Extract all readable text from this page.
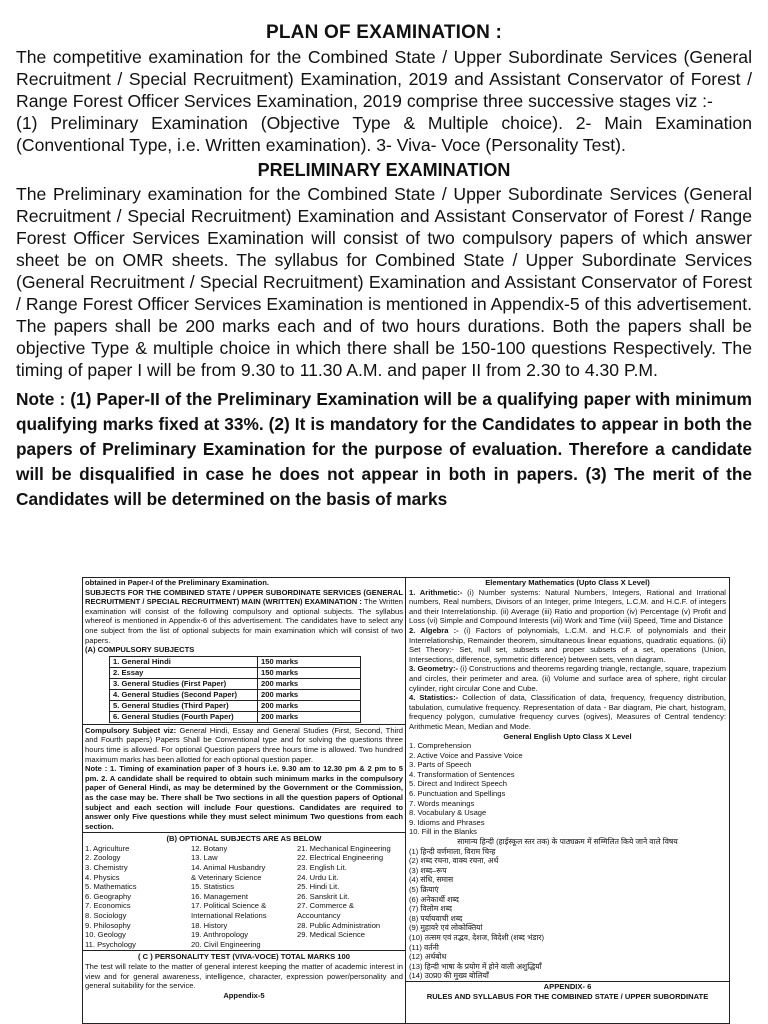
PLAN OF EXAMINATION :

The competitive examination for the Combined State / Upper Subordinate Services (General Recruitment / Special Recruitment) Examination, 2019 and Assistant Conservator of Forest / Range Forest Officer Services Examination, 2019 comprise three successive stages viz :-

(1) Preliminary Examination (Objective Type & Multiple choice). 2- Main Examination (Conventional Type, i.e. Written examination). 3- Viva- Voce (Personality Test).

PRELIMINARY EXAMINATION

The Preliminary examination for the Combined State / Upper Subordinate Services (General Recruitment / Special Recruitment) Examination and Assistant Conservator of Forest / Range Forest Officer Services Examination will consist of two compulsory papers of which answer sheet be on OMR sheets. The syllabus for Combined State / Upper Subordinate Services (General Recruitment / Special Recruitment) Examination and Assistant Conservator of Forest / Range Forest Officer Services Examination is mentioned in Appendix-5 of this advertisement. The papers shall be 200 marks each and of two hours durations. Both the papers shall be objective Type & multiple choice in which there shall be 150-100 questions Respectively. The timing of paper I will be from 9.30 to 11.30 A.M. and paper II from 2.30 to 4.30 P.M.

Note : (1) Paper-II of the Preliminary Examination will be a qualifying paper with minimum qualifying marks fixed at 33%. (2) It is mandatory for the Candidates to appear in both the papers of Preliminary Examination for the purpose of evaluation. Therefore a candidate will be disqualified in case he does not appear in both in papers. (3) The merit of the Candidates will be determined on the basis of marks

obtained in Paper-I of the Preliminary Examination.

SUBJECTS FOR THE COMBINED STATE / UPPER SUBORDINATE SERVICES (GENERAL RECRUITMENT / SPECIAL RECRUITMENT) MAIN (WRITTEN) EXAMINATION : The Written examination will consist of the following compulsory and optional subjects. The syllabus whereof is mentioned in Appendix-6 of this advertisement. The candidates have to select any one subject from the list of optional subjects for main examination which will consist of two papers.

(A) COMPULSORY SUBJECTS
1. General Hindi	150 marks
2. Essay	150 marks
3. General Studies (First Paper)	200 marks
4. General Studies (Second Paper)	200 marks
5. General Studies (Third Paper)	200 marks
6. General Studies (Fourth Paper)	200 marks

Compulsory Subject viz: General Hindi, Essay and General Studies (First, Second, Third and Fourth papers) Papers Shall be Conventional type and for solving the questions three hours time is allowed. For optional Question papers three hours time is allowed. Two hundred maximum marks has been allotted for each optional question paper.

Note : 1. Timing of examination paper of 3 hours i.e. 9.30 am to 12.30 pm & 2 pm to 5 pm. 2. A candidate shall be required to obtain such minimum marks in the compulsory paper of General Hindi, as may be determined by the Government or the Commission, as the case may be. There shall be Two sections in all the question papers of Optional subject and each section will include Four questions. Candidates are required to answer only Five questions while they must select minimum Two questions from each section.

(B) OPTIONAL SUBJECTS ARE AS BELOW
1. Agriculture
2. Zoology
3. Chemistry
4. Physics
5. Mathematics
6. Geography
7. Economics
8. Sociology
9. Philosophy
10. Geology
11. Psychology
12. Botany
13. Law
14. Animal Husbandry
& Veterinary Science
15. Statistics
16. Management
17. Political Science &
International Relations
18. History
19. Anthropology
20. Civil Engineering
21. Mechanical Engineering
22. Electrical Engineering
23. English Lit.
24. Urdu Lit.
25. Hindi Lit.
26. Sanskrit Lit.
27. Commerce &
Accountancy
28. Public Administration
29. Medical Science
( C ) PERSONALITY TEST (VIVA-VOCE) TOTAL MARKS 100

The test will relate to the matter of general interest keeping the matter of academic interest in view and for general awareness, intelligence, character, expression power/personality and general suitability for the service.

Appendix-5
Elementary Mathematics (Upto Class X Level)

1. Arithmetic:- (i) Number systems: Natural Numbers, Integers, Rational and Irrational numbers, Real numbers, Divisors of an Integer, prime Integers, L.C.M. and H.C.F. of integers and their Interrelationship. (ii) Average (iii) Ratio and proportion (iv) Percentage (v) Profit and Loss (vi) Simple and Compound Interests (vii) Work and Time (viii) Speed, Time and Distance

2. Algebra :- (i) Factors of polynomials, L.C.M. and H.C.F. of polynomials and their Interrelationship, Remainder theorem, simultaneous linear equations, quadratic equations. (ii) Set Theory:- Set, null set, subsets and proper subsets of a set, operations (Union, Intersections, difference, symmetric difference) between sets, venn diagram.

3. Geometry:- (i) Constructions and theorems regarding triangle, rectangle, square, trapezium and circles, their perimeter and area. (ii) Volume and surface area of sphere, right circular cylinder, right circular Cone and Cube.

4. Statistics:- Collection of data, Classification of data, frequency, frequency distribution, tabulation, cumulative frequency. Representation of data - Bar diagram, Pie chart, histogram, frequency polygon, cumulative frequency curves (ogives), Measures of Central tendency: Arithmetic Mean, Median and Mode.

General English Upto Class X Level
1. Comprehension
2. Active Voice and Passive Voice
3. Parts of Speech
4. Transformation of Sentences
5. Direct and Indirect Speech
6. Punctuation and Spellings
7. Words meanings
8. Vocabulary & Usage
9. Idioms and Phrases
10. Fill in the Blanks
सामान्य हिन्दी (हाईस्कूल स्तर तक) के पाठ्यक्रम में सम्मिलित किये जाने वाले विषय
(1) हिन्दी वर्णमाला, विराम चिन्ह
(2) शब्द रचना, वाक्य रचना, अर्थ
(3) शब्द–रूप
(4) संधि, समास
(5) क्रियाएं
(6) अनेकार्थी शब्द
(7) विलोम शब्द
(8) पर्यायवाची शब्द
(9) मुहावरे एवं लोकोक्तियां
(10) तत्सम एवं तद्भव, देशज, विदेशी (शब्द भंडार)
(11) वर्तनी
(12) अर्थबोध
(13) हिन्दी भाषा के प्रयोग में होने वाली अशुद्धियाँ
(14) उ0प्र0 की मुख्य बोलियाँ
APPENDIX- 6
RULES AND SYLLABUS FOR THE COMBINED STATE / UPPER SUBORDINATE
